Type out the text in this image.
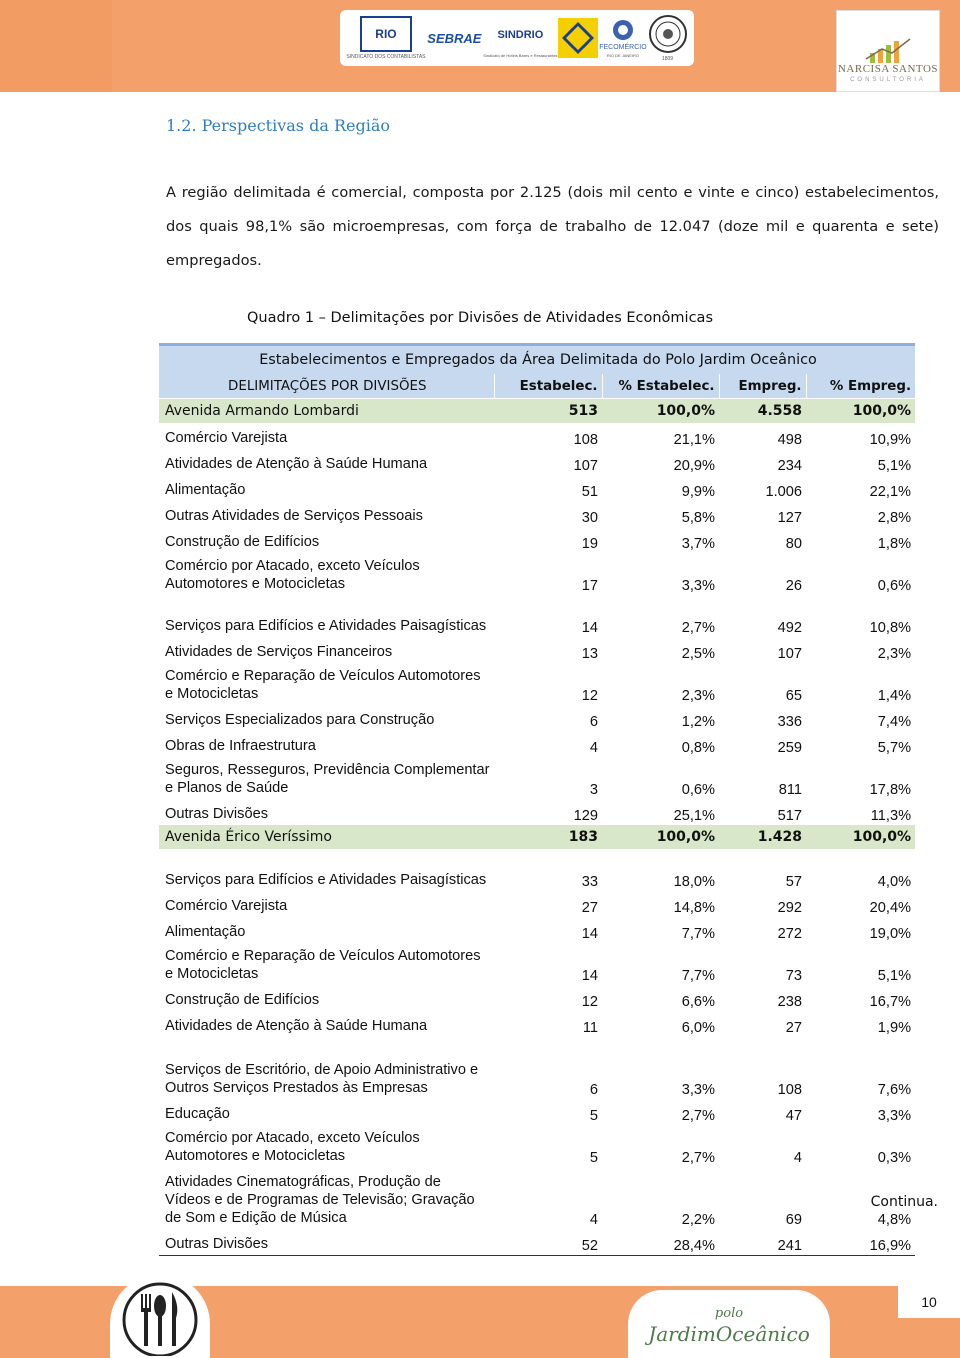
RIO
SINDICATO DOS CONTABILISTAS
SEBRAE	SINDRIO
Sindicato de Hotéis Bares e Restaurantes
FECOMÉRCIO
RIO DE JANEIRO
1809
NARCISA SANTOS
CONSULTORIA
1.2. Perspectivas da Região

A região delimitada é comercial, composta por 2.125 (dois mil cento e vinte e cinco) estabelecimentos, dos quais 98,1% são microempresas, com força de trabalho de 12.047 (doze mil e quarenta e sete) empregados.

Quadro 1 – Delimitações por Divisões de Atividades Econômicas
Estabelecimentos e Empregados da Área Delimitada do Polo Jardim Oceânico				
DELIMITAÇÕES POR DIVISÕES	Estabelec.	% Estabelec.	Empreg.	% Empreg.
Avenida Armando Lombardi	513	100,0%	4.558	100,0%
Comércio Varejista	108	21,1%	498	10,9%
Atividades de Atenção à Saúde Humana	107	20,9%	234	5,1%
Alimentação	51	9,9%	1.006	22,1%
Outras Atividades de Serviços Pessoais	30	5,8%	127	2,8%
Construção de Edifícios	19	3,7%	80	1,8%
Comércio por Atacado, exceto Veículos Automotores e Motocicletas	17	3,3%	26	0,6%
Serviços para Edifícios e Atividades Paisagísticas	14	2,7%	492	10,8%
Atividades de Serviços Financeiros	13	2,5%	107	2,3%
Comércio e Reparação de Veículos Automotores e Motocicletas	12	2,3%	65	1,4%
Serviços Especializados para Construção	6	1,2%	336	7,4%
Obras de Infraestrutura	4	0,8%	259	5,7%
Seguros, Resseguros, Previdência Complementar e Planos de Saúde	3	0,6%	811	17,8%
Outras Divisões	129	25,1%	517	11,3%
Avenida Érico Veríssimo	183	100,0%	1.428	100,0%
Serviços para Edifícios e Atividades Paisagísticas	33	18,0%	57	4,0%
Comércio Varejista	27	14,8%	292	20,4%
Alimentação	14	7,7%	272	19,0%
Comércio e Reparação de Veículos Automotores e Motocicletas	14	7,7%	73	5,1%
Construção de Edifícios	12	6,6%	238	16,7%
Atividades de Atenção à Saúde Humana	11	6,0%	27	1,9%
Serviços de Escritório, de Apoio Administrativo e Outros Serviços Prestados às Empresas	6	3,3%	108	7,6%
Educação	5	2,7%	47	3,3%
Comércio por Atacado, exceto Veículos Automotores e Motocicletas	5	2,7%	4	0,3%
Atividades Cinematográficas, Produção de Vídeos e de Programas de Televisão; Gravação de Som e Edição de Música	4	2,2%	69	4,8%
Outras Divisões	52	28,4%	241	16,9%
Continua.
polo
JardimOceânico
10
